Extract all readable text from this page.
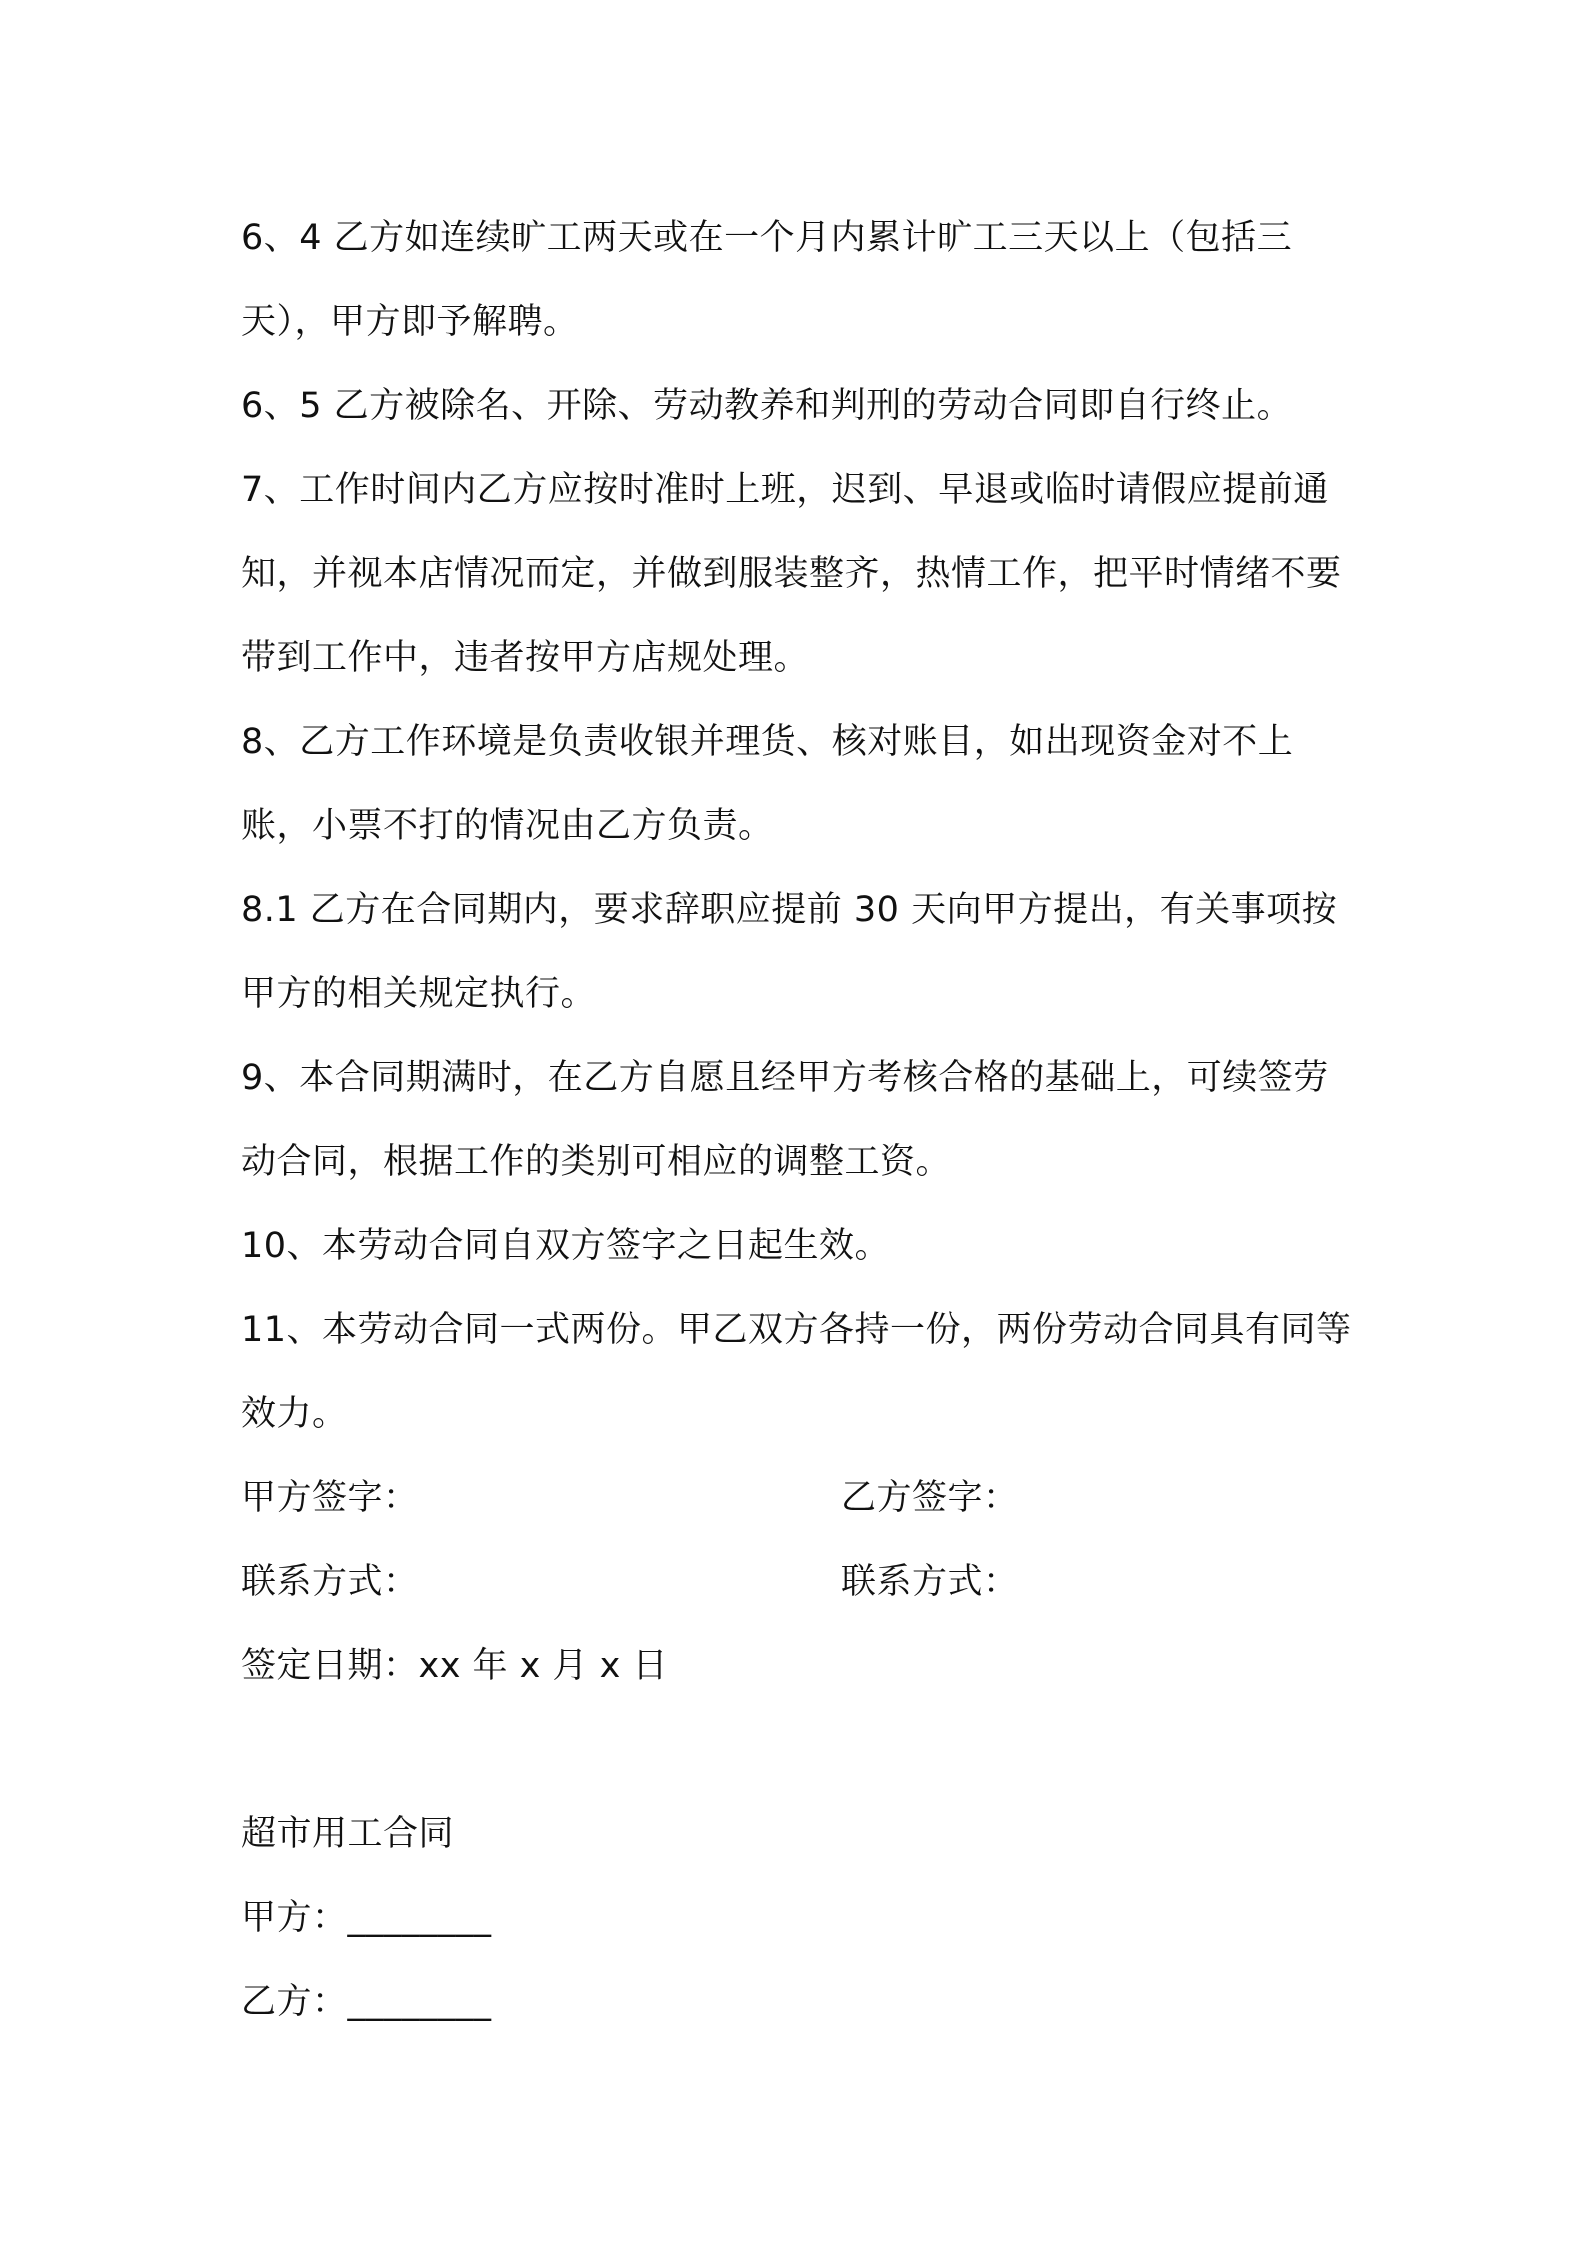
6、4 乙方如连续旷工两天或在一个月内累计旷工三天以上（包括三天），甲方即予解聘。

6、5 乙方被除名、开除、劳动教养和判刑的劳动合同即自行终止。

7、工作时间内乙方应按时准时上班，迟到、早退或临时请假应提前通知，并视本店情况而定，并做到服装整齐，热情工作，把平时情绪不要带到工作中，违者按甲方店规处理。

8、乙方工作环境是负责收银并理货、核对账目，如出现资金对不上账，小票不打的情况由乙方负责。

8.1 乙方在合同期内，要求辞职应提前 30 天向甲方提出，有关事项按甲方的相关规定执行。

9、本合同期满时，在乙方自愿且经甲方考核合格的基础上，可续签劳动合同，根据工作的类别可相应的调整工资。

10、本劳动合同自双方签字之日起生效。

11、本劳动合同一式两份。甲乙双方各持一份，两份劳动合同具有同等效力。

甲方签字：	乙方签字：
联系方式：	联系方式：
签定日期：xx 年 x 月 x 日
超市用工合同
甲方：________
乙方：________
